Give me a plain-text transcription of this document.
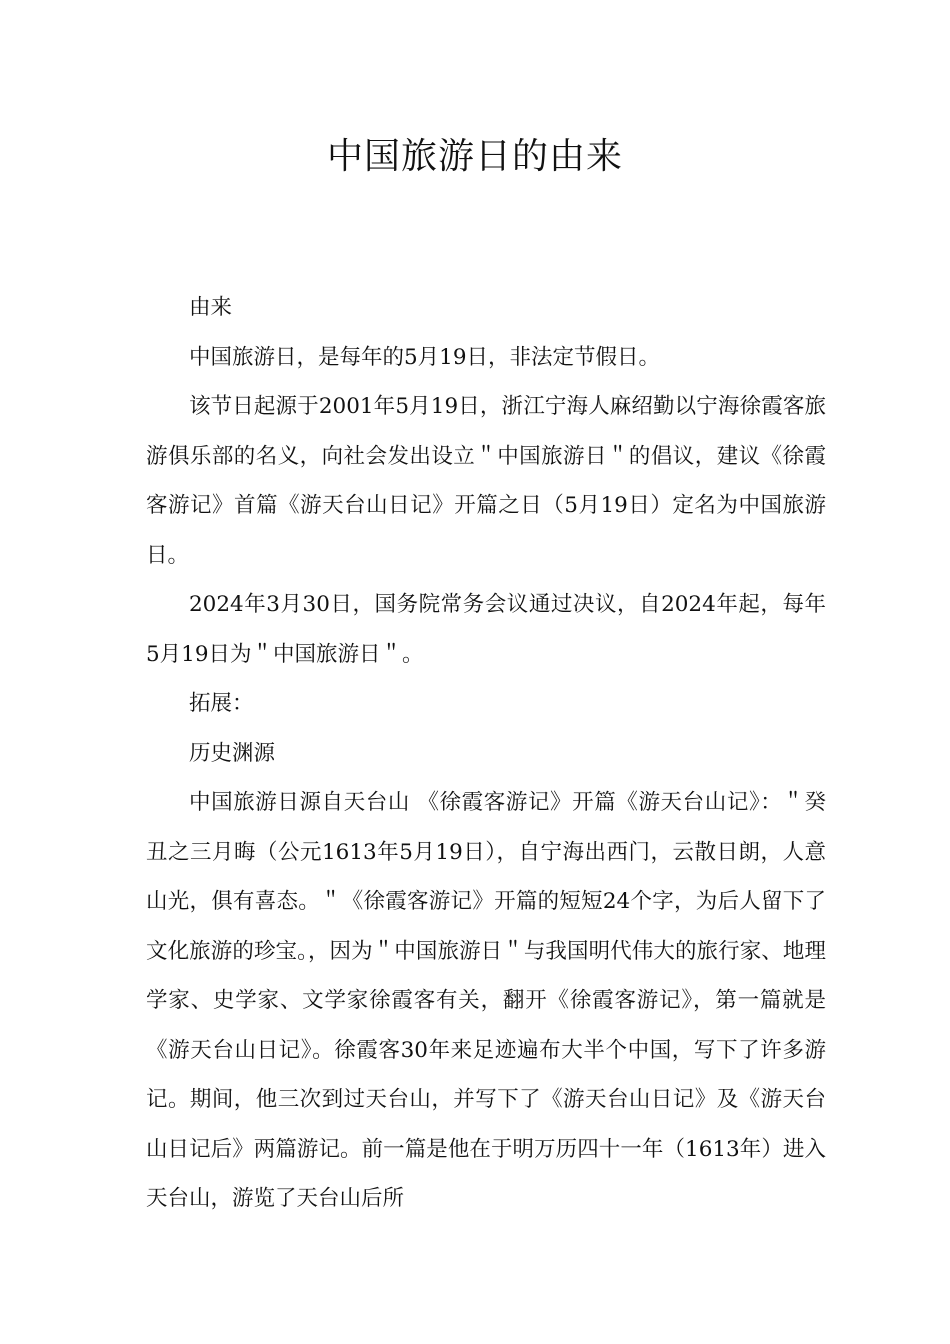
中国旅游日的由来

由来

中国旅游日，是每年的5月19日，非法定节假日。

该节日起源于2001年5月19日，浙江宁海人麻绍勤以宁海徐霞客旅游俱乐部的名义，向社会发出设立＂中国旅游日＂的倡议，建议《徐霞客游记》首篇《游天台山日记》开篇之日（5月19日）定名为中国旅游日。

2024年3月30日，国务院常务会议通过决议，自2024年起，每年5月19日为＂中国旅游日＂。

拓展：

历史渊源

中国旅游日源自天台山 《徐霞客游记》开篇《游天台山记》：＂癸丑之三月晦（公元1613年5月19日），自宁海出西门，云散日朗，人意山光，俱有喜态。＂《徐霞客游记》开篇的短短24个字，为后人留下了文化旅游的珍宝。，因为＂中国旅游日＂与我国明代伟大的旅行家、地理学家、史学家、文学家徐霞客有关，翻开《徐霞客游记》，第一篇就是《游天台山日记》。徐霞客30年来足迹遍布大半个中国，写下了许多游记。期间，他三次到过天台山，并写下了《游天台山日记》及《游天台山日记后》两篇游记。前一篇是他在于明万历四十一年（1613年）进入天台山，游览了天台山后所
